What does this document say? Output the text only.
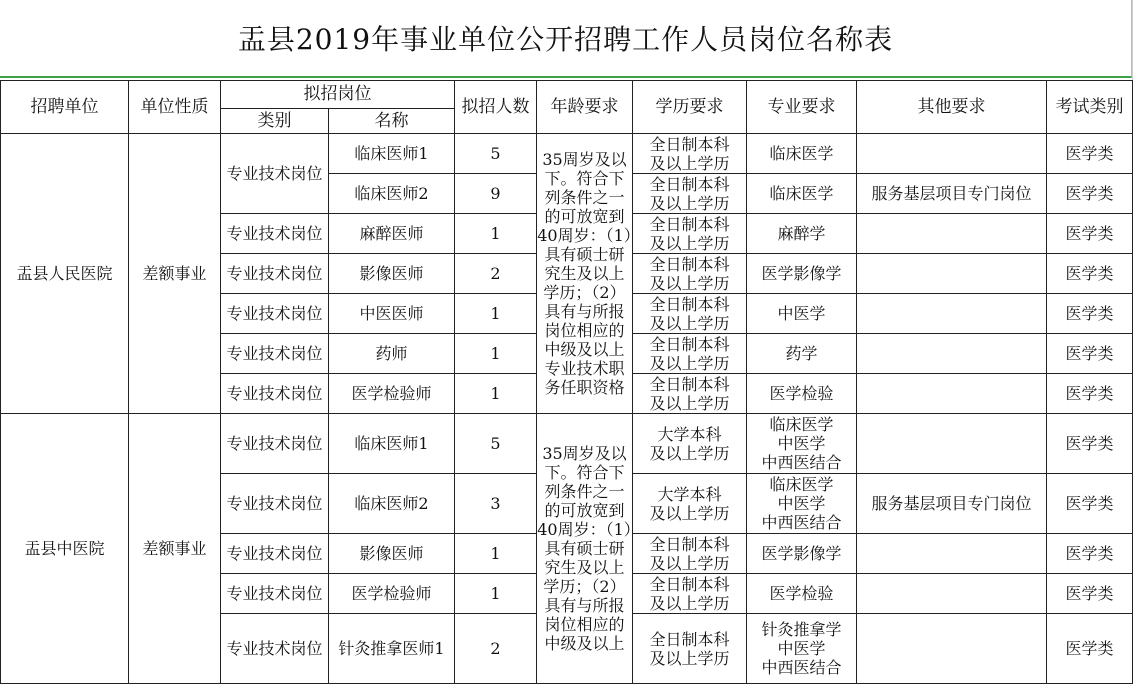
盂县2019年事业单位公开招聘工作人员岗位名称表
招聘单位	单位性质	拟招岗位		拟招人数	年龄要求	学历要求	专业要求	其他要求	考试类别
		类别	名称						
盂县人民医院	差额事业	专业技术岗位	临床医师1	5	35周岁及以下。符合下列条件之一的可放宽到40周岁：（1）具有硕士研究生及以上学历；（2）具有与所报岗位相应的中级及以上专业技术职务任职资格	全日制本科
及以上学历	临床医学		医学类
			临床医师2	9		全日制本科
及以上学历	临床医学	服务基层项目专门岗位	医学类
		专业技术岗位	麻醉医师	1		全日制本科
及以上学历	麻醉学		医学类
		专业技术岗位	影像医师	2		全日制本科
及以上学历	医学影像学		医学类
		专业技术岗位	中医医师	1		全日制本科
及以上学历	中医学		医学类
		专业技术岗位	药师	1		全日制本科
及以上学历	药学		医学类
		专业技术岗位	医学检验师	1		全日制本科
及以上学历	医学检验		医学类
盂县中医院	差额事业	专业技术岗位	临床医师1	5	35周岁及以下。符合下列条件之一的可放宽到40周岁：（1）具有硕士研究生及以上学历；（2）具有与所报岗位相应的中级及以上	大学本科
及以上学历	临床医学
中医学
中西医结合		医学类
		专业技术岗位	临床医师2	3		大学本科
及以上学历	临床医学
中医学
中西医结合	服务基层项目专门岗位	医学类
		专业技术岗位	影像医师	1		全日制本科
及以上学历	医学影像学		医学类
		专业技术岗位	医学检验师	1		全日制本科
及以上学历	医学检验		医学类
		专业技术岗位	针灸推拿医师1	2		全日制本科
及以上学历	针灸推拿学
中医学
中西医结合		医学类
